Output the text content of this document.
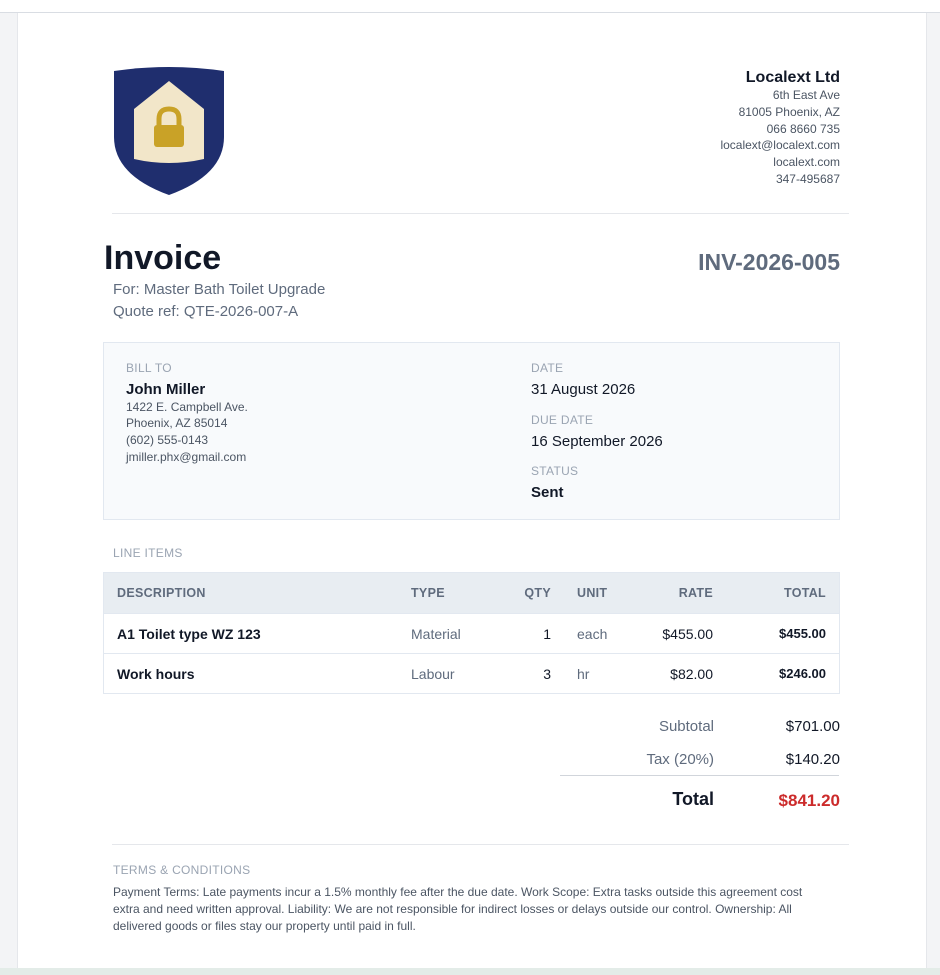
Localext Ltd
6th East Ave
81005 Phoenix, AZ
066 8660 735
localext@localext.com
localext.com
347-495687
Invoice	INV-2026-005
For: Master Bath Toilet Upgrade
Quote ref: QTE-2026-007-A
BILL TO
John Miller
1422 E. Campbell Ave.
Phoenix, AZ 85014
(602) 555-0143
jmiller.phx@gmail.com
DATE
31 August 2026
DUE DATE
16 September 2026
STATUS
Sent
LINE ITEMS
DESCRIPTION	TYPE	QTY	UNIT	RATE	TOTAL
A1 Toilet type WZ 123	Material	1	each	$455.00	$455.00
Work hours	Labour	3	hr	$82.00	$246.00
Subtotal	$701.00
Tax (20%)	$140.20
Total	$841.20
TERMS & CONDITIONS
Payment Terms: Late payments incur a 1.5% monthly fee after the due date. Work Scope: Extra tasks outside this agreement cost extra and need written approval. Liability: We are not responsible for indirect losses or delays outside our control. Ownership: All delivered goods or files stay our property until paid in full.
